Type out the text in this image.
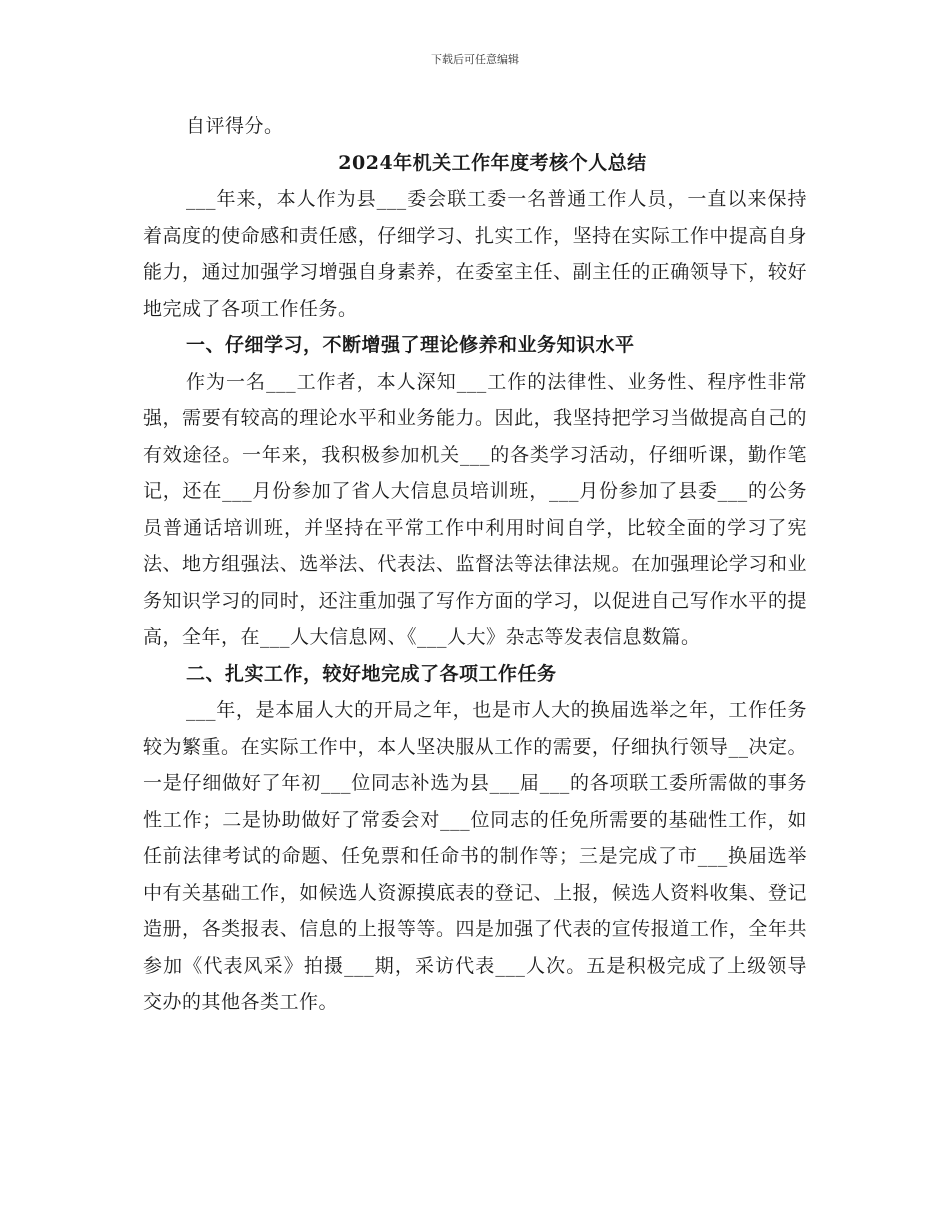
下载后可任意编辑

自评得分。

2024年机关工作年度考核个人总结

___年来，本人作为县___委会联工委一名普通工作人员，一直以来保持着高度的使命感和责任感，仔细学习、扎实工作，坚持在实际工作中提高自身能力，通过加强学习增强自身素养，在委室主任、副主任的正确领导下，较好地完成了各项工作任务。

一、仔细学习，不断增强了理论修养和业务知识水平

作为一名___工作者，本人深知___工作的法律性、业务性、程序性非常强，需要有较高的理论水平和业务能力。因此，我坚持把学习当做提高自己的有效途径。一年来，我积极参加机关___的各类学习活动，仔细听课，勤作笔记，还在___月份参加了省人大信息员培训班，___月份参加了县委___的公务员普通话培训班，并坚持在平常工作中利用时间自学，比较全面的学习了宪法、地方组强法、选举法、代表法、监督法等法律法规。在加强理论学习和业务知识学习的同时，还注重加强了写作方面的学习，以促进自己写作水平的提高，全年，在___人大信息网、《___人大》杂志等发表信息数篇。

二、扎实工作，较好地完成了各项工作任务

___年，是本届人大的开局之年，也是市人大的换届选举之年，工作任务较为繁重。在实际工作中，本人坚决服从工作的需要，仔细执行领导__决定。一是仔细做好了年初___位同志补选为县___届___的各项联工委所需做的事务性工作；二是协助做好了常委会对___位同志的任免所需要的基础性工作，如任前法律考试的命题、任免票和任命书的制作等；三是完成了市___换届选举中有关基础工作，如候选人资源摸底表的登记、上报，候选人资料收集、登记造册，各类报表、信息的上报等等。四是加强了代表的宣传报道工作，全年共参加《代表风采》拍摄___期，采访代表___人次。五是积极完成了上级领导交办的其他各类工作。
